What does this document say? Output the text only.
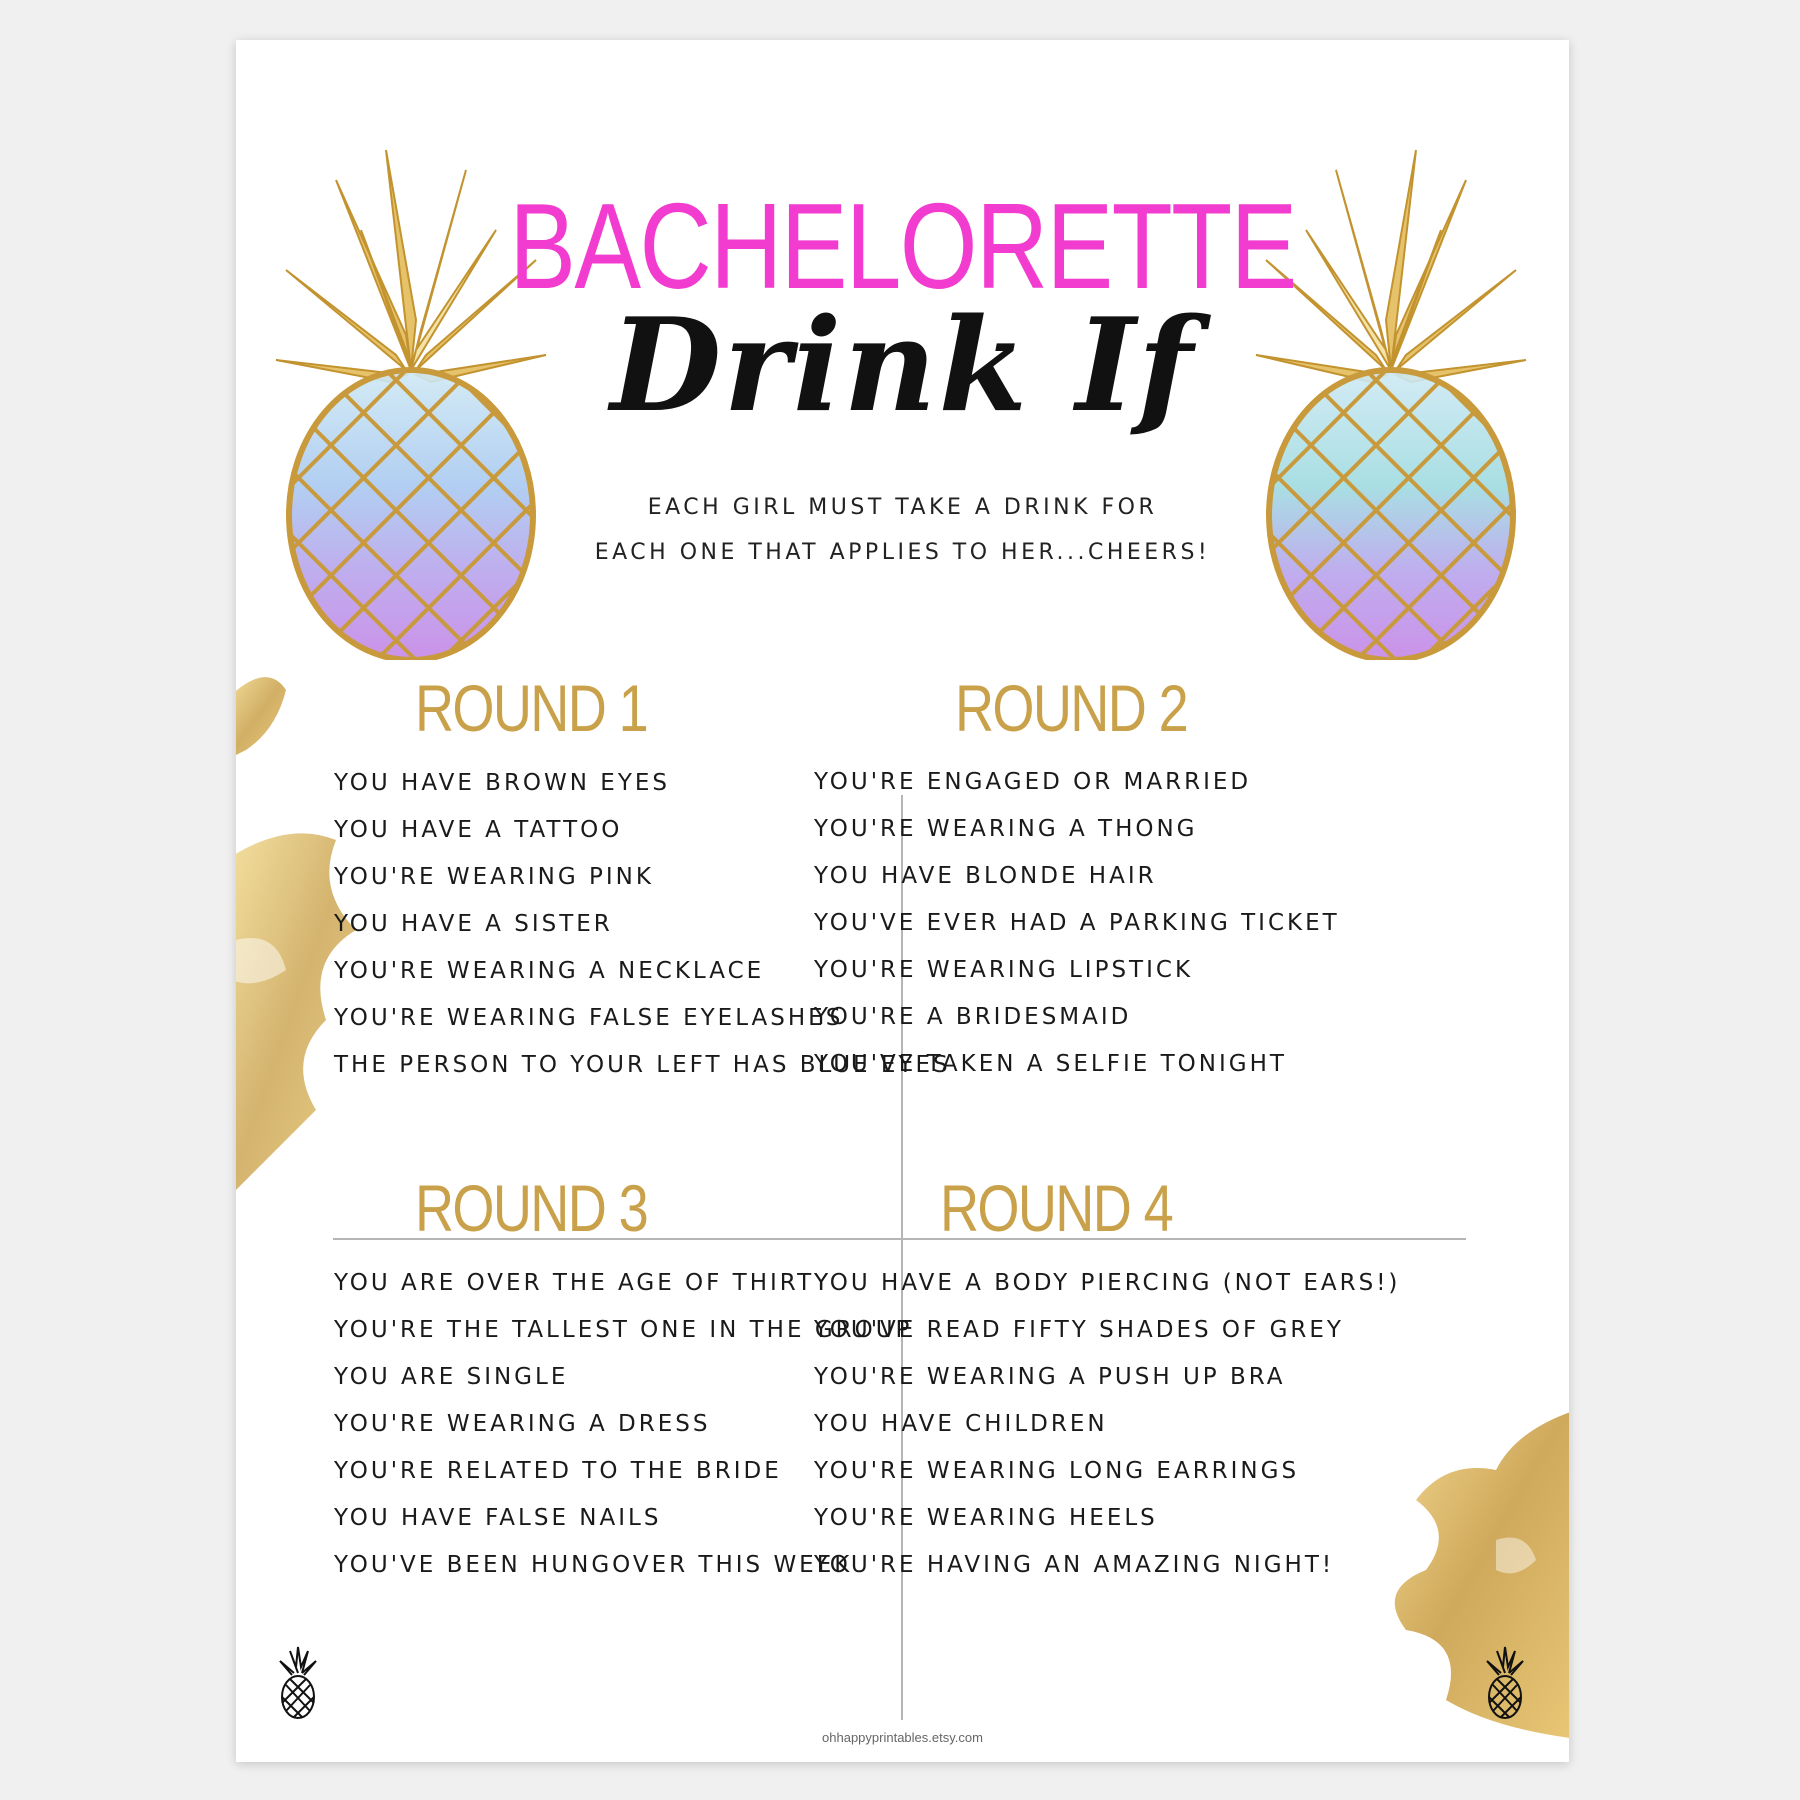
BACHELORETTE
Drink If
EACH GIRL MUST TAKE A DRINK FOR
EACH ONE THAT APPLIES TO HER...CHEERS!
ROUND 1
YOU HAVE BROWN EYES
YOU HAVE A TATTOO
YOU'RE WEARING PINK
YOU HAVE A SISTER
YOU'RE WEARING A NECKLACE
YOU'RE WEARING FALSE EYELASHES
THE PERSON TO YOUR LEFT HAS BLUE EYES
ROUND 2
YOU'RE ENGAGED OR MARRIED
YOU'RE WEARING A THONG
YOU HAVE BLONDE HAIR
YOU'VE EVER HAD A PARKING TICKET
YOU'RE WEARING LIPSTICK
YOU'RE A BRIDESMAID
YOU'VE TAKEN A SELFIE TONIGHT
ROUND 3
YOU ARE OVER THE AGE OF THIRTY
YOU'RE THE TALLEST ONE IN THE GROUP
YOU ARE SINGLE
YOU'RE WEARING A DRESS
YOU'RE RELATED TO THE BRIDE
YOU HAVE FALSE NAILS
YOU'VE BEEN HUNGOVER THIS WEEK
ROUND 4
YOU HAVE A BODY PIERCING (NOT EARS!)
YOU'VE READ FIFTY SHADES OF GREY
YOU'RE WEARING A PUSH UP BRA
YOU HAVE CHILDREN
YOU'RE WEARING LONG EARRINGS
YOU'RE WEARING HEELS
YOU'RE HAVING AN AMAZING NIGHT!
ohhappyprintables.etsy.com
